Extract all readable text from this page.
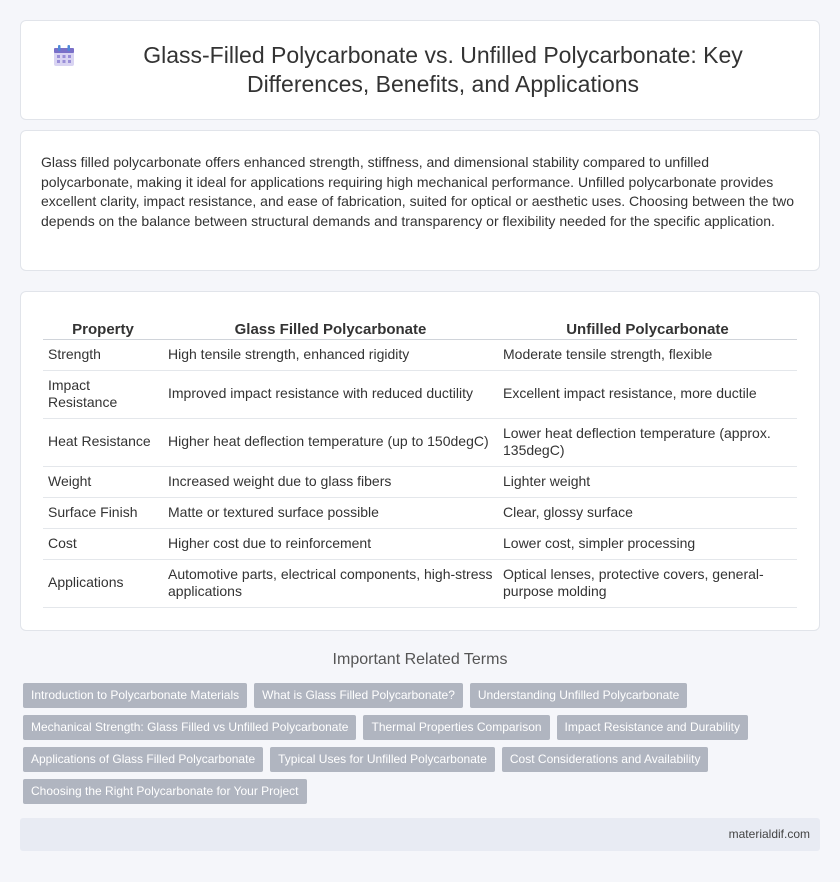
Glass-Filled Polycarbonate vs. Unfilled Polycarbonate: Key Differences, Benefits, and Applications

Glass filled polycarbonate offers enhanced strength, stiffness, and dimensional stability compared to unfilled polycarbonate, making it ideal for applications requiring high mechanical performance. Unfilled polycarbonate provides excellent clarity, impact resistance, and ease of fabrication, suited for optical or aesthetic uses. Choosing between the two depends on the balance between structural demands and transparency or flexibility needed for the specific application.

Property	Glass Filled Polycarbonate	Unfilled Polycarbonate
Strength	High tensile strength, enhanced rigidity	Moderate tensile strength, flexible
Impact Resistance	Improved impact resistance with reduced ductility	Excellent impact resistance, more ductile
Heat Resistance	Higher heat deflection temperature (up to 150degC)	Lower heat deflection temperature (approx. 135degC)
Weight	Increased weight due to glass fibers	Lighter weight
Surface Finish	Matte or textured surface possible	Clear, glossy surface
Cost	Higher cost due to reinforcement	Lower cost, simpler processing
Applications	Automotive parts, electrical components, high-stress applications	Optical lenses, protective covers, general-purpose molding
Important Related Terms
Introduction to Polycarbonate Materials	What is Glass Filled Polycarbonate?	Understanding Unfilled Polycarbonate
Mechanical Strength: Glass Filled vs Unfilled Polycarbonate	Thermal Properties Comparison	Impact Resistance and Durability
Applications of Glass Filled Polycarbonate	Typical Uses for Unfilled Polycarbonate	Cost Considerations and Availability
Choosing the Right Polycarbonate for Your Project
materialdif.com
